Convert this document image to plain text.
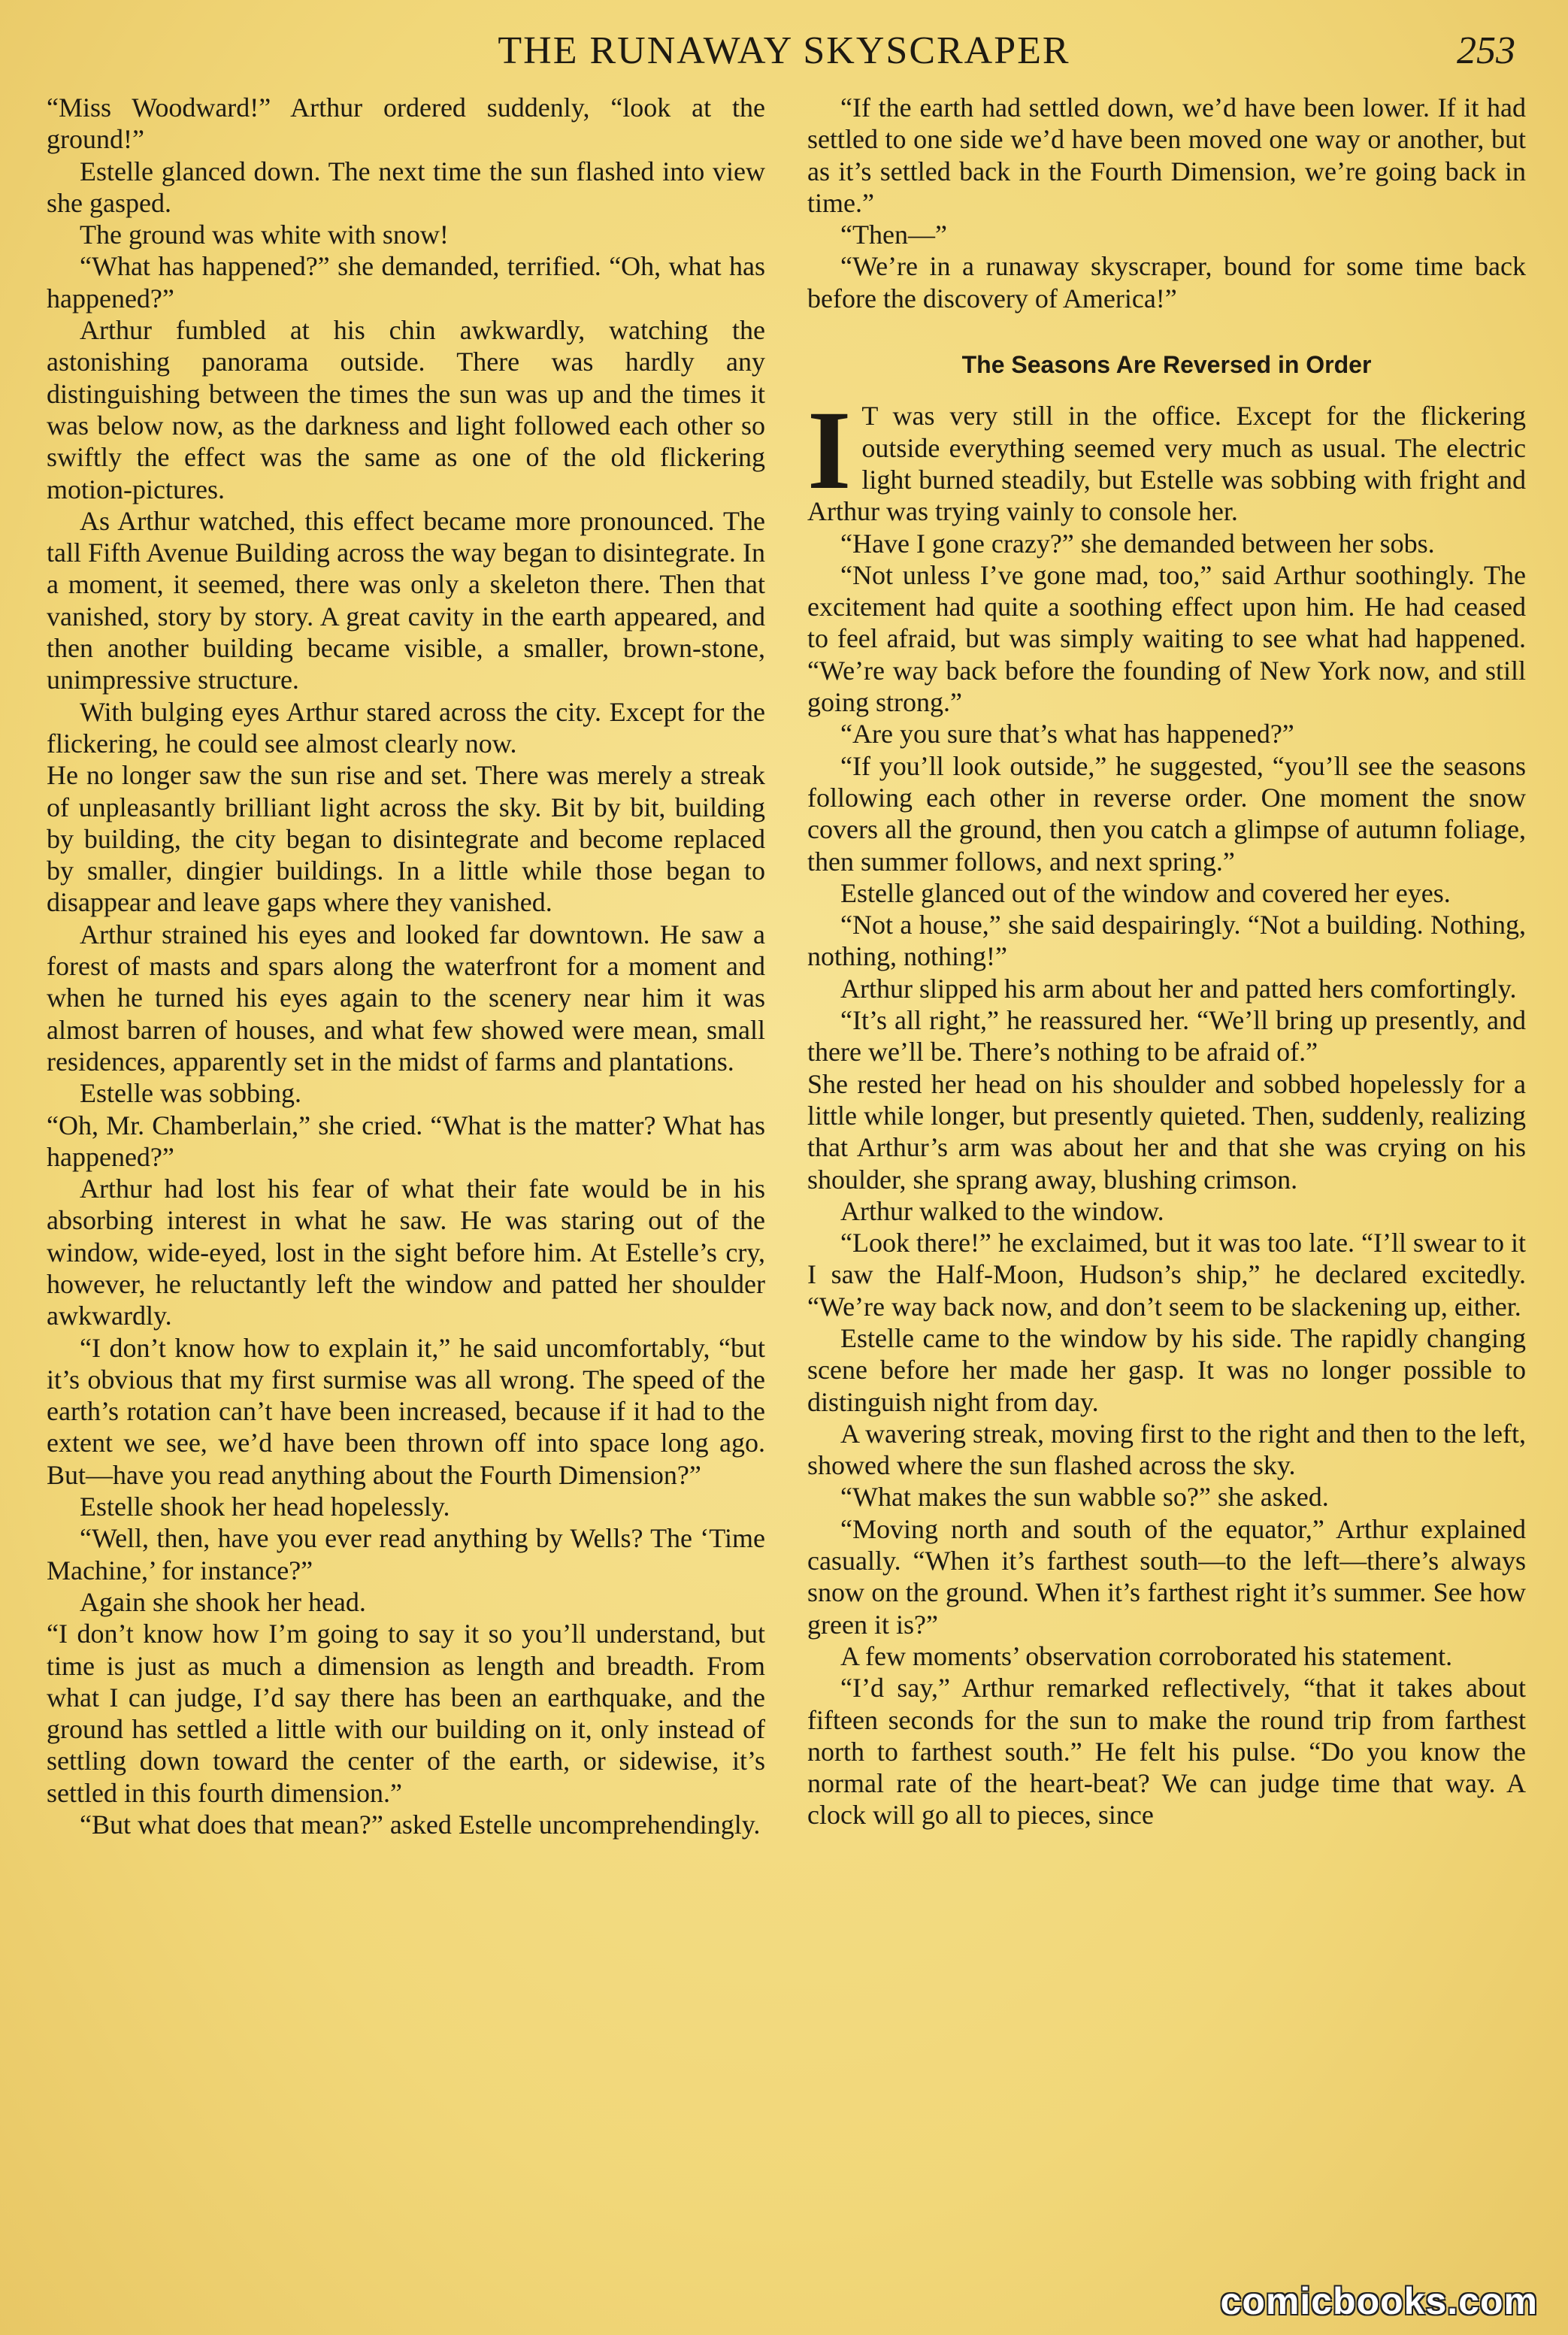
THE RUNAWAY SKYSCRAPER	253

“Miss Woodward!” Arthur ordered suddenly, “look at the ground!”

Estelle glanced down. The next time the sun flashed into view she gasped.

The ground was white with snow!

“What has happened?” she demanded, terrified. “Oh, what has happened?”

Arthur fumbled at his chin awkwardly, watching the astonishing panorama outside. There was hardly any distinguishing between the times the sun was up and the times it was below now, as the darkness and light followed each other so swiftly the effect was the same as one of the old flickering motion-pictures.

As Arthur watched, this effect became more pronounced. The tall Fifth Avenue Building across the way began to disintegrate. In a moment, it seemed, there was only a skeleton there. Then that vanished, story by story. A great cavity in the earth appeared, and then another building became visible, a smaller, brown-stone, unimpressive structure.

With bulging eyes Arthur stared across the city. Except for the flickering, he could see almost clearly now.

He no longer saw the sun rise and set. There was merely a streak of unpleasantly brilliant light across the sky. Bit by bit, building by building, the city began to disintegrate and become replaced by smaller, dingier buildings. In a little while those began to disappear and leave gaps where they vanished.

Arthur strained his eyes and looked far downtown. He saw a forest of masts and spars along the waterfront for a moment and when he turned his eyes again to the scenery near him it was almost barren of houses, and what few showed were mean, small residences, apparently set in the midst of farms and plantations.

Estelle was sobbing.

“Oh, Mr. Chamberlain,” she cried. “What is the matter? What has happened?”

Arthur had lost his fear of what their fate would be in his absorbing interest in what he saw. He was staring out of the window, wide-eyed, lost in the sight before him. At Estelle’s cry, however, he reluctantly left the window and patted her shoulder awkwardly.

“I don’t know how to explain it,” he said uncomfortably, “but it’s obvious that my first surmise was all wrong. The speed of the earth’s rotation can’t have been increased, because if it had to the extent we see, we’d have been thrown off into space long ago. But—have you read anything about the Fourth Dimension?”

Estelle shook her head hopelessly.

“Well, then, have you ever read anything by Wells? The ‘Time Machine,’ for instance?”

Again she shook her head.

“I don’t know how I’m going to say it so you’ll understand, but time is just as much a dimension as length and breadth. From what I can judge, I’d say there has been an earthquake, and the ground has settled a little with our building on it, only instead of settling down toward the center of the earth, or sidewise, it’s settled in this fourth dimension.”

“But what does that mean?” asked Estelle uncomprehendingly.

“If the earth had settled down, we’d have been lower. If it had settled to one side we’d have been moved one way or another, but as it’s settled back in the Fourth Dimension, we’re going back in time.”

“Then—”

“We’re in a runaway skyscraper, bound for some time back before the discovery of America!”

The Seasons Are Reversed in Order

I T was very still in the office. Except for the flickering outside everything seemed very much as usual. The electric light burned steadily, but Estelle was sobbing with fright and Arthur was trying vainly to console her.

“Have I gone crazy?” she demanded between her sobs.

“Not unless I’ve gone mad, too,” said Arthur soothingly. The excitement had quite a soothing effect upon him. He had ceased to feel afraid, but was simply waiting to see what had happened. “We’re way back before the founding of New York now, and still going strong.”

“Are you sure that’s what has happened?”

“If you’ll look outside,” he suggested, “you’ll see the seasons following each other in reverse order. One moment the snow covers all the ground, then you catch a glimpse of autumn foliage, then summer follows, and next spring.”

Estelle glanced out of the window and covered her eyes.

“Not a house,” she said despairingly. “Not a building. Nothing, nothing, nothing!”

Arthur slipped his arm about her and patted hers comfortingly.

“It’s all right,” he reassured her. “We’ll bring up presently, and there we’ll be. There’s nothing to be afraid of.”

She rested her head on his shoulder and sobbed hopelessly for a little while longer, but presently quieted. Then, suddenly, realizing that Arthur’s arm was about her and that she was crying on his shoulder, she sprang away, blushing crimson.

Arthur walked to the window.

“Look there!” he exclaimed, but it was too late. “I’ll swear to it I saw the Half-Moon, Hudson’s ship,” he declared excitedly. “We’re way back now, and don’t seem to be slackening up, either.

Estelle came to the window by his side. The rapidly changing scene before her made her gasp. It was no longer possible to distinguish night from day.

A wavering streak, moving first to the right and then to the left, showed where the sun flashed across the sky.

“What makes the sun wabble so?” she asked.

“Moving north and south of the equator,” Arthur explained casually. “When it’s farthest south—to the left—there’s always snow on the ground. When it’s farthest right it’s summer. See how green it is?”

A few moments’ observation corroborated his statement.

“I’d say,” Arthur remarked reflectively, “that it takes about fifteen seconds for the sun to make the round trip from farthest north to farthest south.” He felt his pulse. “Do you know the normal rate of the heart-beat? We can judge time that way. A clock will go all to pieces, since

comicbooks.com
